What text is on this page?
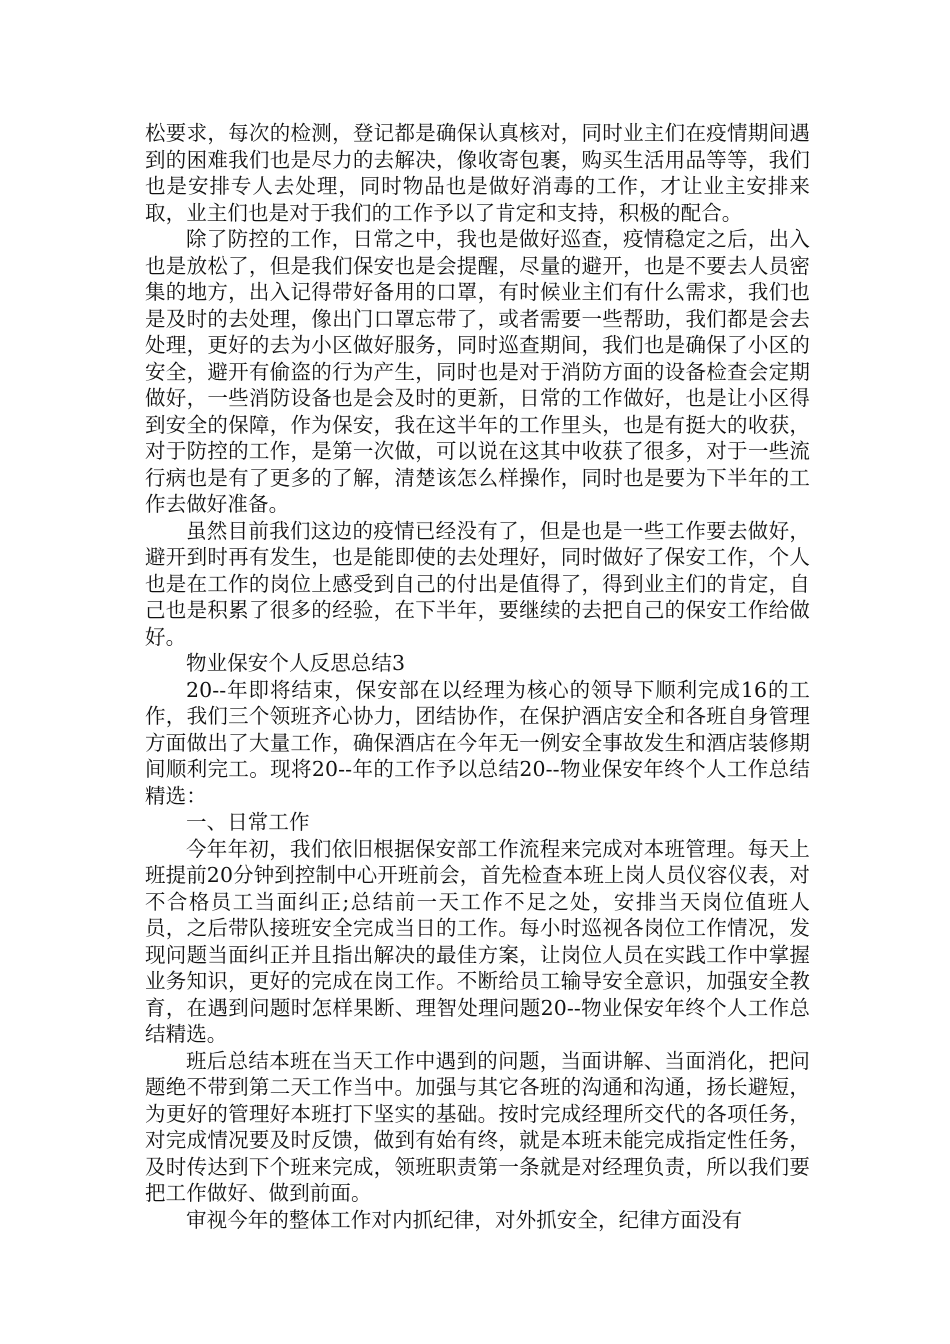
松要求，每次的检测，登记都是确保认真核对，同时业主们在疫情期间遇到的困难我们也是尽力的去解决，像收寄包裹，购买生活用品等等，我们也是安排专人去处理，同时物品也是做好消毒的工作，才让业主安排来取，业主们也是对于我们的工作予以了肯定和支持，积极的配合。

除了防控的工作，日常之中，我也是做好巡查，疫情稳定之后，出入也是放松了，但是我们保安也是会提醒，尽量的避开，也是不要去人员密集的地方，出入记得带好备用的口罩，有时候业主们有什么需求，我们也是及时的去处理，像出门口罩忘带了，或者需要一些帮助，我们都是会去处理，更好的去为小区做好服务，同时巡查期间，我们也是确保了小区的安全，避开有偷盗的行为产生，同时也是对于消防方面的设备检查会定期做好，一些消防设备也是会及时的更新，日常的工作做好，也是让小区得到安全的保障，作为保安，我在这半年的工作里头，也是有挺大的收获，对于防控的工作，是第一次做，可以说在这其中收获了很多，对于一些流行病也是有了更多的了解，清楚该怎么样操作，同时也是要为下半年的工作去做好准备。

虽然目前我们这边的疫情已经没有了，但是也是一些工作要去做好，避开到时再有发生，也是能即使的去处理好，同时做好了保安工作，个人也是在工作的岗位上感受到自己的付出是值得了，得到业主们的肯定，自己也是积累了很多的经验，在下半年，要继续的去把自己的保安工作给做好。

物业保安个人反思总结3

20--年即将结束，保安部在以经理为核心的领导下顺利完成16的工作，我们三个领班齐心协力，团结协作，在保护酒店安全和各班自身管理方面做出了大量工作，确保酒店在今年无一例安全事故发生和酒店装修期间顺利完工。现将20--年的工作予以总结20--物业保安年终个人工作总结精选：

一、日常工作

今年年初，我们依旧根据保安部工作流程来完成对本班管理。每天上班提前20分钟到控制中心开班前会，首先检查本班上岗人员仪容仪表，对不合格员工当面纠正;总结前一天工作不足之处，安排当天岗位值班人员，之后带队接班安全完成当日的工作。每小时巡视各岗位工作情况，发现问题当面纠正并且指出解决的最佳方案，让岗位人员在实践工作中掌握业务知识，更好的完成在岗工作。不断给员工输导安全意识，加强安全教育，在遇到问题时怎样果断、理智处理问题20--物业保安年终个人工作总结精选。

班后总结本班在当天工作中遇到的问题，当面讲解、当面消化，把问题绝不带到第二天工作当中。加强与其它各班的沟通和沟通，扬长避短，为更好的管理好本班打下坚实的基础。按时完成经理所交代的各项任务，对完成情况要及时反馈，做到有始有终，就是本班未能完成指定性任务，及时传达到下个班来完成，领班职责第一条就是对经理负责，所以我们要把工作做好、做到前面。

审视今年的整体工作对内抓纪律，对外抓安全，纪律方面没有
